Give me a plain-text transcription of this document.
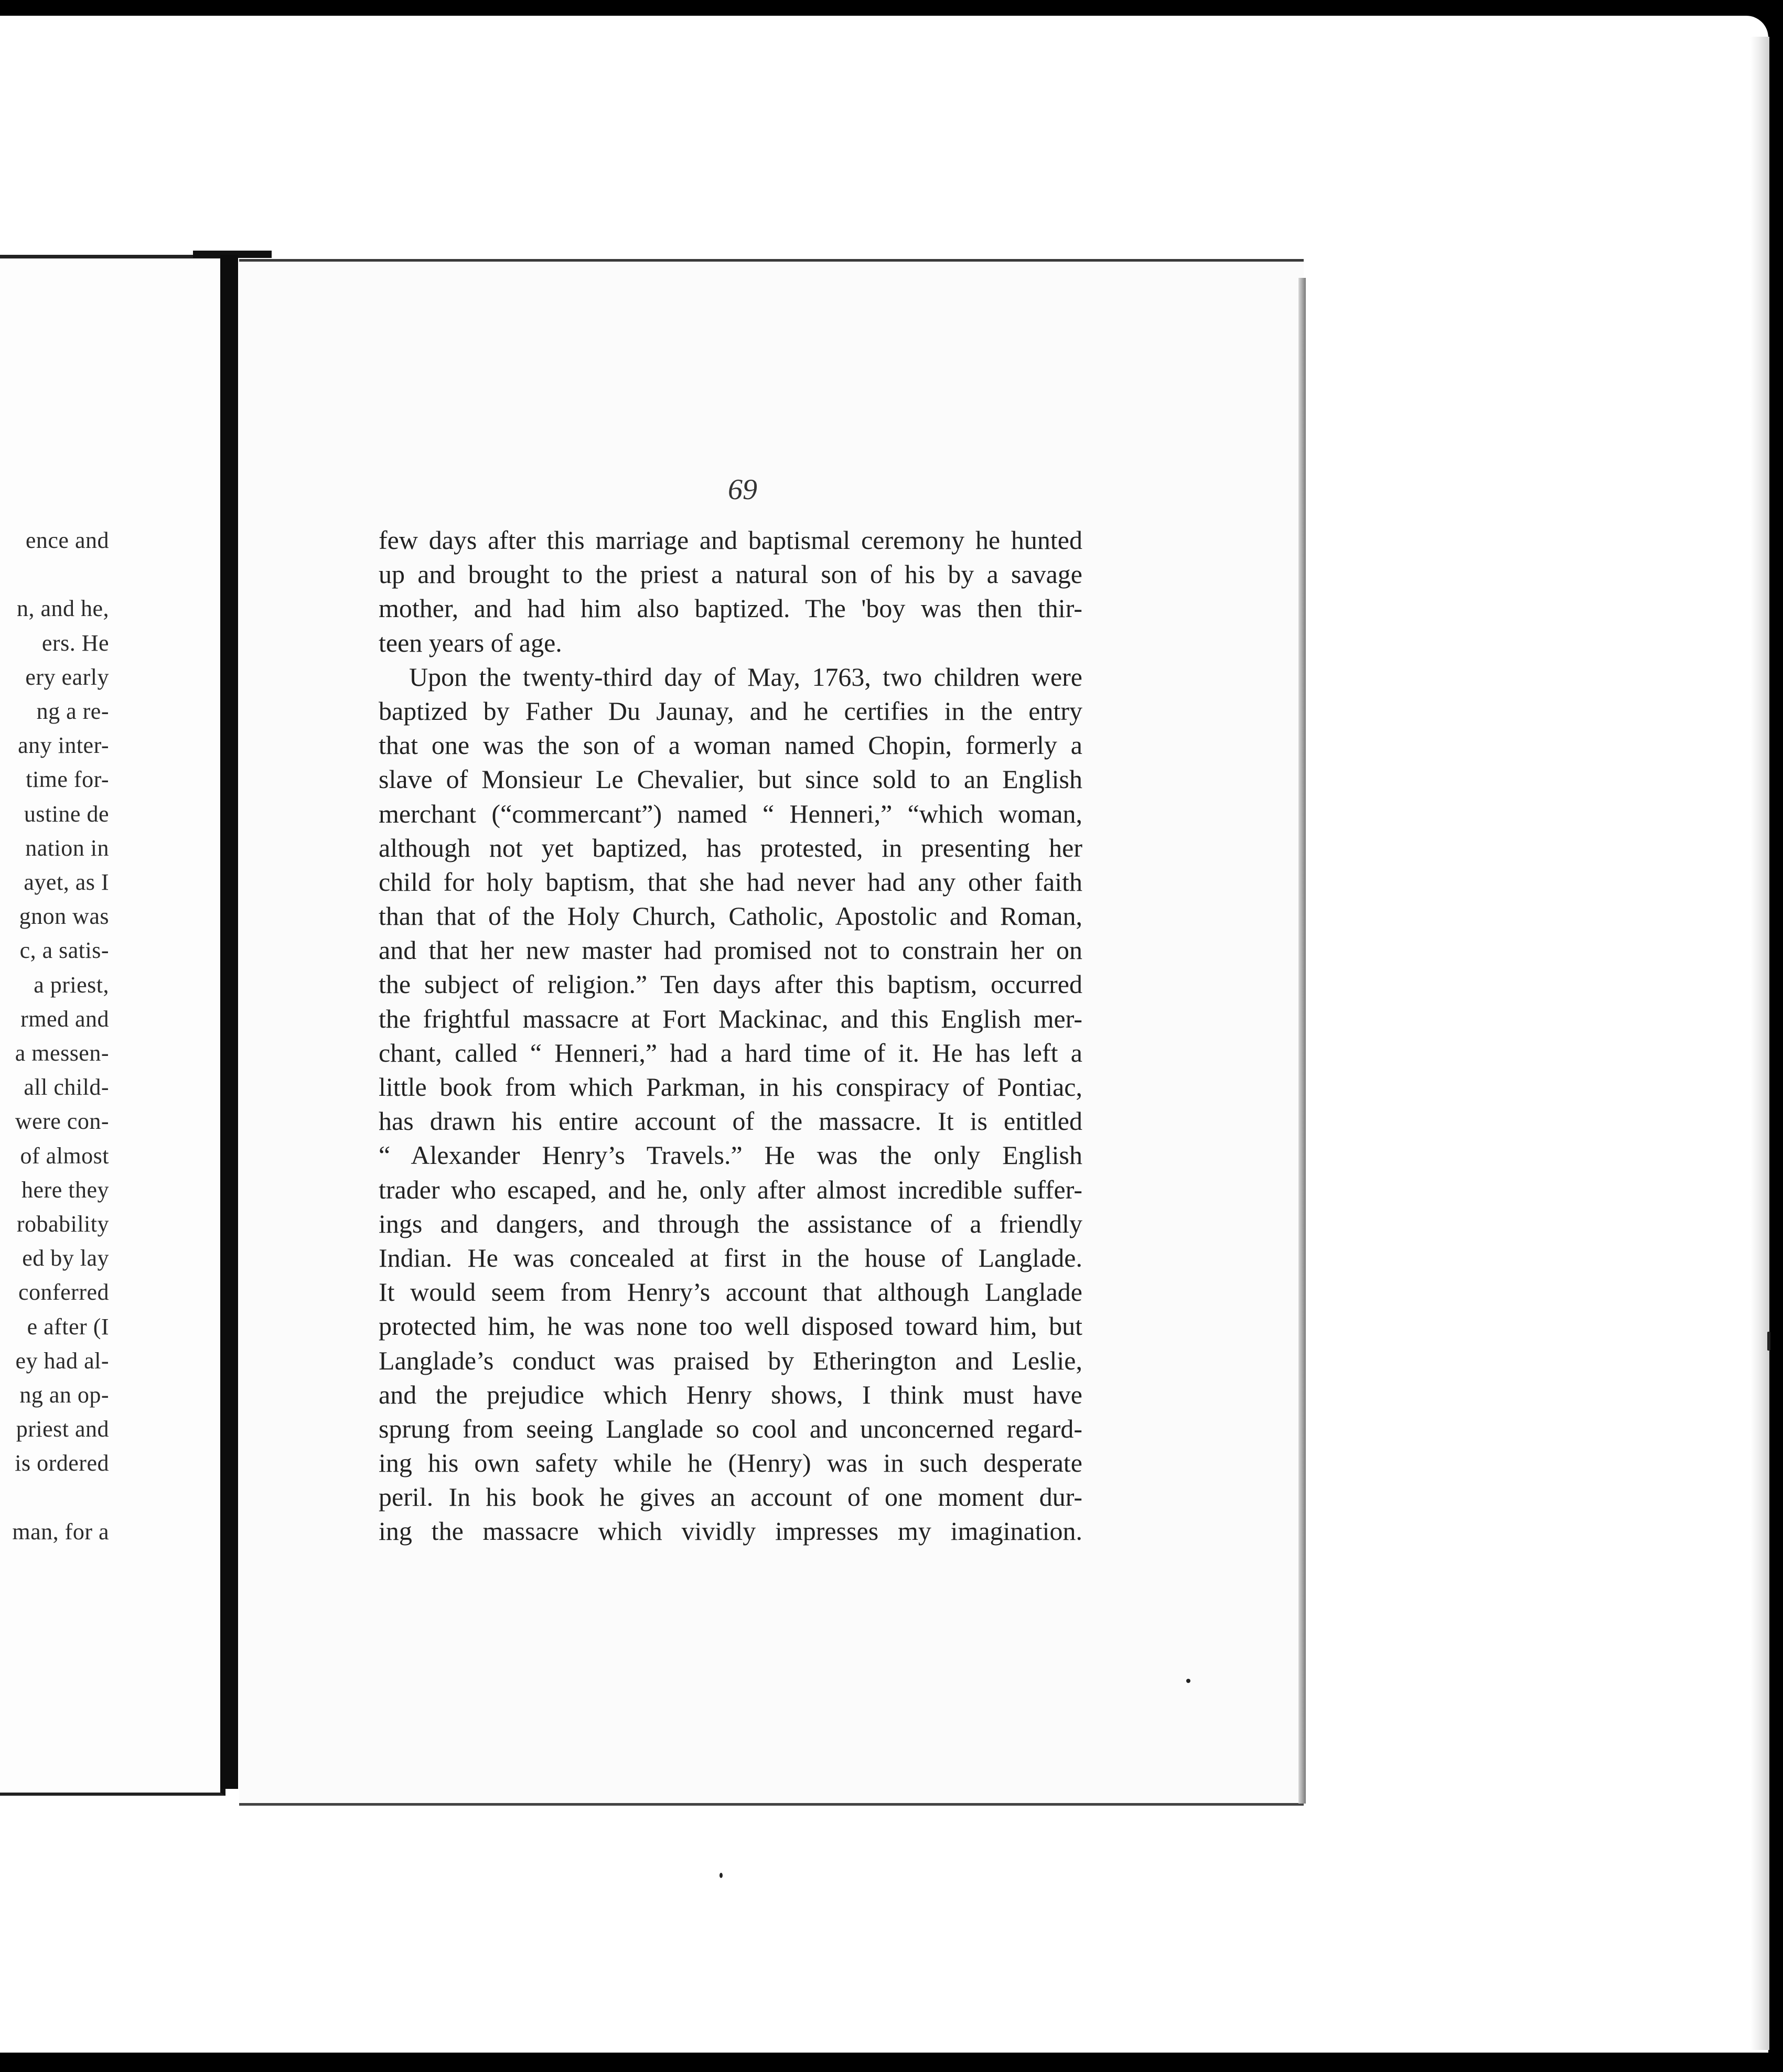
ence and
n, and he,
ers. He
ery early
ng a re-
any inter-
time for-
ustine de
nation in
ayet, as I
gnon was
c, a satis-
a priest,
rmed and
a messen-
all child-
were con-
of almost
here they
robability
ed by lay
conferred
e after (I
ey had al-
ng an op-
priest and
is ordered
man, for a
69
few days after this marriage and baptismal ceremony he hunted
up and brought to the priest a natural son of his by a savage
mother, and had him also baptized. The 'boy was then thir-
teen years of age.
Upon the twenty-third day of May, 1763, two children were
baptized by Father Du Jaunay, and he certifies in the entry
that one was the son of a woman named Chopin, formerly a
slave of Monsieur Le Chevalier, but since sold to an English
merchant (“commercant”) named “ Henneri,” “which woman,
although not yet baptized, has protested, in presenting her
child for holy baptism, that she had never had any other faith
than that of the Holy Church, Catholic, Apostolic and Roman,
and that her new master had promised not to constrain her on
the subject of religion.” Ten days after this baptism, occurred
the frightful massacre at Fort Mackinac, and this English mer-
chant, called “ Henneri,” had a hard time of it. He has left a
little book from which Parkman, in his conspiracy of Pontiac,
has drawn his entire account of the massacre. It is entitled
“ Alexander Henry’s Travels.” He was the only English
trader who escaped, and he, only after almost incredible suffer-
ings and dangers, and through the assistance of a friendly
Indian. He was concealed at first in the house of Langlade.
It would seem from Henry’s account that although Langlade
protected him, he was none too well disposed toward him, but
Langlade’s conduct was praised by Etherington and Leslie,
and the prejudice which Henry shows, I think must have
sprung from seeing Langlade so cool and unconcerned regard-
ing his own safety while he (Henry) was in such desperate
peril. In his book he gives an account of one moment dur-
ing the massacre which vividly impresses my imagination.
